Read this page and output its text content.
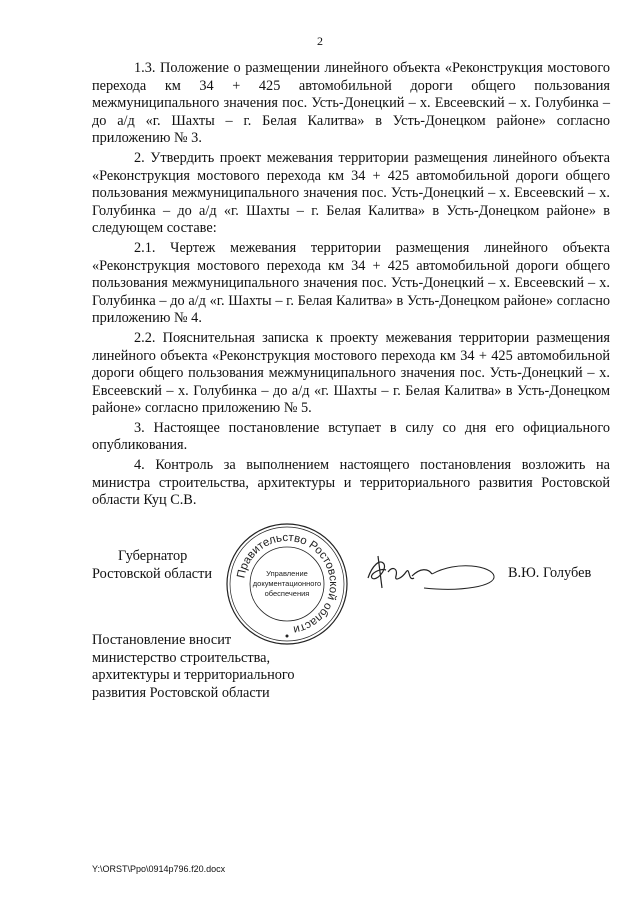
2

1.3. Положение о размещении линейного объекта «Реконструкция мостового перехода км 34 + 425 автомобильной дороги общего пользования межмуниципального значения пос. Усть-Донецкий – х. Евсеевский – х. Голубинка – до а/д «г. Шахты – г. Белая Калитва» в Усть-Донецком районе» согласно приложению № 3.

2. Утвердить проект межевания территории размещения линейного объекта «Реконструкция мостового перехода км 34 + 425 автомобильной дороги общего пользования межмуниципального значения пос. Усть-Донецкий – х. Евсеевский – х. Голубинка – до а/д «г. Шахты – г. Белая Калитва» в Усть-Донецком районе» в следующем составе:

2.1. Чертеж межевания территории размещения линейного объекта «Реконструкция мостового перехода км 34 + 425 автомобильной дороги общего пользования межмуниципального значения пос. Усть-Донецкий – х. Евсеевский – х. Голубинка – до а/д «г. Шахты – г. Белая Калитва» в Усть-Донецком районе» согласно приложению № 4.

2.2. Пояснительная записка к проекту межевания территории размещения линейного объекта «Реконструкция мостового перехода км 34 + 425 автомобильной дороги общего пользования межмуниципального значения пос. Усть-Донецкий – х. Евсеевский – х. Голубинка – до а/д «г. Шахты – г. Белая Калитва» в Усть-Донецком районе» согласно приложению № 5.

3. Настоящее постановление вступает в силу со дня его официального опубликования.

4. Контроль за выполнением настоящего постановления возложить на министра строительства, архитектуры и территориального развития Ростовской области Куц С.В.

Губернатор
Ростовской области	Правительство Ростовской области
Управление
документационного
обеспечения
В.Ю. Голубев
Постановление вносит
министерство строительства,
архитектуры и территориального
развития Ростовской области
Y:\ORST\Ppo\0914p796.f20.docx
